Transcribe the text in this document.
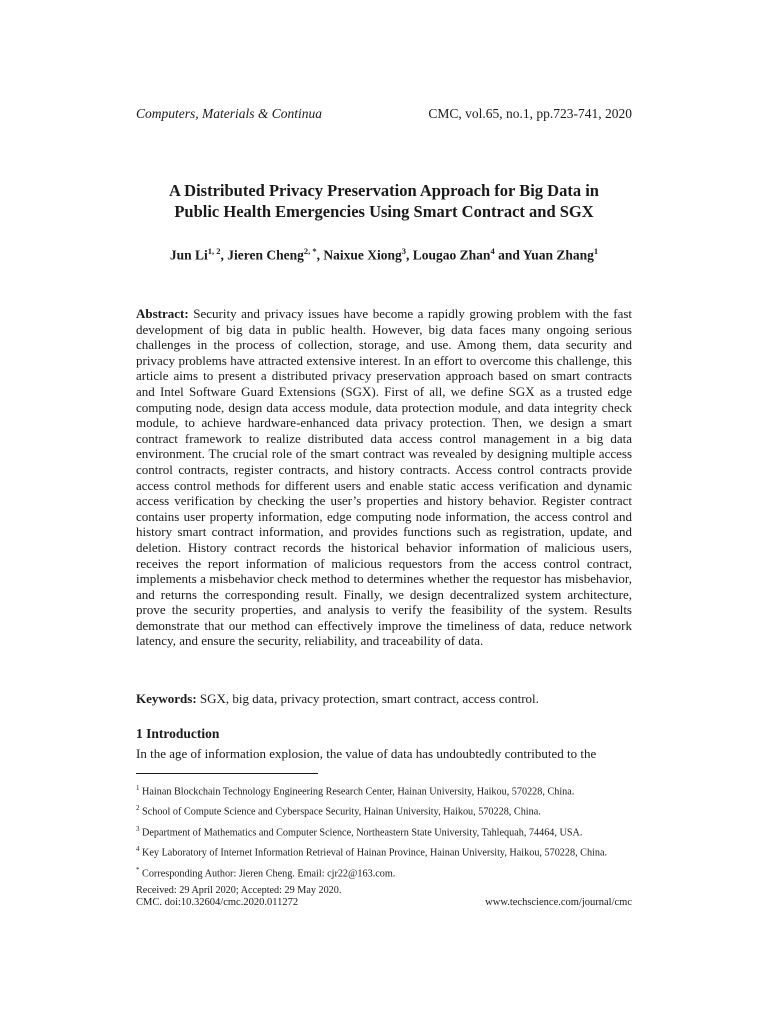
Computers, Materials & Continua	CMC, vol.65, no.1, pp.723-741, 2020
A Distributed Privacy Preservation Approach for Big Data in
Public Health Emergencies Using Smart Contract and SGX
Jun Li$^{1, 2}$, Jieren Cheng$^{2, *}$, Naixue Xiong$^3$, Lougao Zhan$^4$ and Yuan Zhang$^1$
Abstract: Security and privacy issues have become a rapidly growing problem with the fast development of big data in public health. However, big data faces many ongoing serious challenges in the process of collection, storage, and use. Among them, data security and privacy problems have attracted extensive interest. In an effort to overcome this challenge, this article aims to present a distributed privacy preservation approach based on smart contracts and Intel Software Guard Extensions (SGX). First of all, we define SGX as a trusted edge computing node, design data access module, data protection module, and data integrity check module, to achieve hardware-enhanced data privacy protection. Then, we design a smart contract framework to realize distributed data access control management in a big data environment. The crucial role of the smart contract was revealed by designing multiple access control contracts, register contracts, and history contracts. Access control contracts provide access control methods for different users and enable static access verification and dynamic access verification by checking the user’s properties and history behavior. Register contract contains user property information, edge computing node information, the access control and history smart contract information, and provides functions such as registration, update, and deletion. History contract records the historical behavior information of malicious users, receives the report information of malicious requestors from the access control contract, implements a misbehavior check method to determines whether the requestor has misbehavior, and returns the corresponding result. Finally, we design decentralized system architecture, prove the security properties, and analysis to verify the feasibility of the system. Results demonstrate that our method can effectively improve the timeliness of data, reduce network latency, and ensure the security, reliability, and traceability of data.
Keywords: SGX, big data, privacy protection, smart contract, access control.
1 Introduction
In the age of information explosion, the value of data has undoubtedly contributed to the
$^1$ Hainan Blockchain Technology Engineering Research Center, Hainan University, Haikou, 570228, China.
$^2$ School of Compute Science and Cyberspace Security, Hainan University, Haikou, 570228, China.
$^3$ Department of Mathematics and Computer Science, Northeastern State University, Tahlequah, 74464, USA.
$^4$ Key Laboratory of Internet Information Retrieval of Hainan Province, Hainan University, Haikou, 570228, China.
* Corresponding Author: Jieren Cheng. Email: cjr22@163.com.
Received: 29 April 2020; Accepted: 29 May 2020.
CMC. doi:10.32604/cmc.2020.011272	www.techscience.com/journal/cmc
